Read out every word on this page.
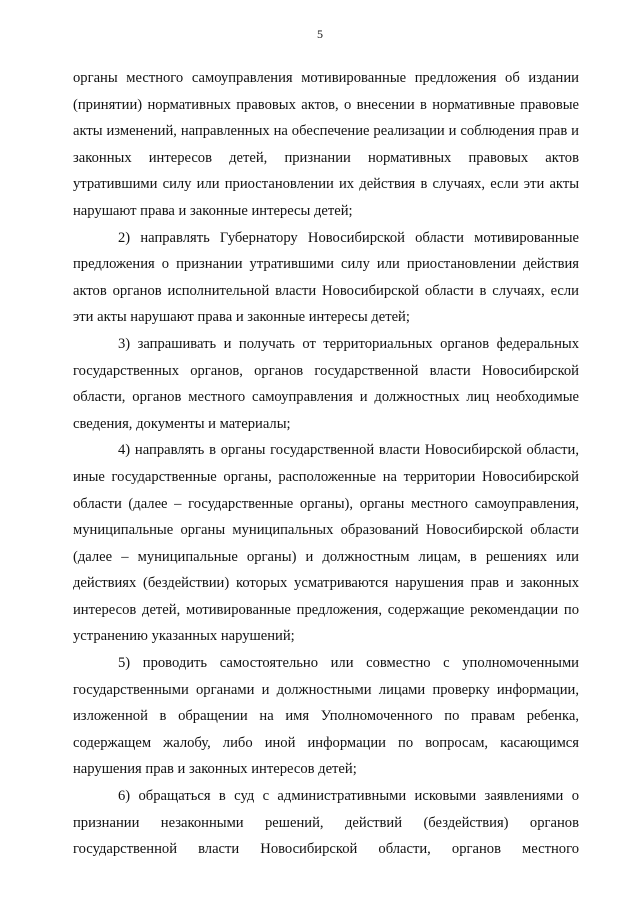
5

органы местного самоуправления мотивированные предложения об издании (принятии) нормативных правовых актов, о внесении в нормативные правовые акты изменений, направленных на обеспечение реализации и соблюдения прав и законных интересов детей, признании нормативных правовых актов утратившими силу или приостановлении их действия в случаях, если эти акты нарушают права и законные интересы детей;

2) направлять Губернатору Новосибирской области мотивированные предложения о признании утратившими силу или приостановлении действия актов органов исполнительной власти Новосибирской области в случаях, если эти акты нарушают права и законные интересы детей;

3) запрашивать и получать от территориальных органов федеральных государственных органов, органов государственной власти Новосибирской области, органов местного самоуправления и должностных лиц необходимые сведения, документы и материалы;

4) направлять в органы государственной власти Новосибирской области, иные государственные органы, расположенные на территории Новосибирской области (далее – государственные органы), органы местного самоуправления, муниципальные органы муниципальных образований Новосибирской области (далее – муниципальные органы) и должностным лицам, в решениях или действиях (бездействии) которых усматриваются нарушения прав и законных интересов детей, мотивированные предложения, содержащие рекомендации по устранению указанных нарушений;

5) проводить самостоятельно или совместно с уполномоченными государственными органами и должностными лицами проверку информации, изложенной в обращении на имя Уполномоченного по правам ребенка, содержащем жалобу, либо иной информации по вопросам, касающимся нарушения прав и законных интересов детей;

6) обращаться в суд с административными исковыми заявлениями о признании незаконными решений, действий (бездействия) органов государственной власти Новосибирской области, органов местного
